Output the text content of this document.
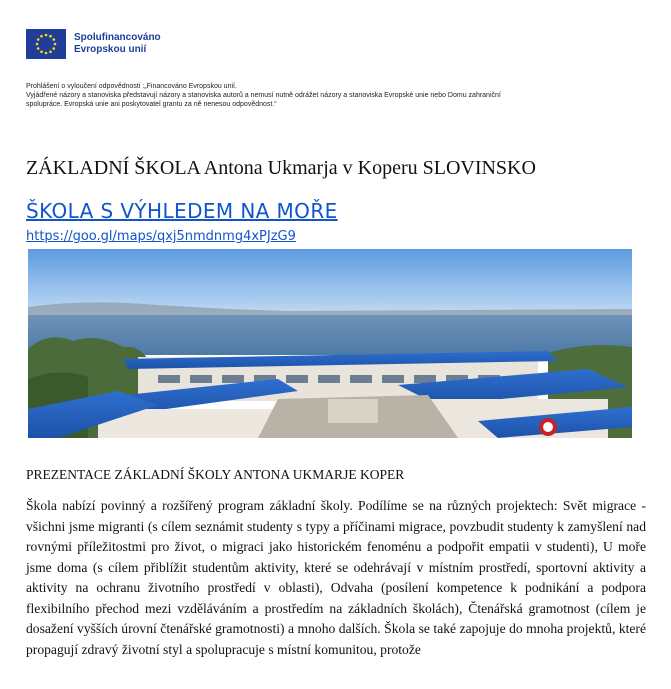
Spolufinancováno
Evropskou unií
Prohlášení o vyloučení odpovědnosti :„Financováno Evropskou unií.
Vyjádřené názory a stanoviska představují názory a stanoviska autorů a nemusí nutně odrážet názory a stanoviska Evropské unie nebo Domu zahraniční
spolupráce. Evropská unie ani poskytovatel grantu za ně nenesou odpovědnost.“
ZÁKLADNÍ ŠKOLA Antona Ukmarja v Koperu SLOVINSKO
ŠKOLA S VÝHLEDEM NA MOŘE
https://goo.gl/maps/qxj5nmdnmg4xPJzG9
PREZENTACE ZÁKLADNÍ ŠKOLY ANTONA UKMARJE KOPER

Škola nabízí povinný a rozšířený program základní školy. Podílíme se na různých projektech: Svět migrace - všichni jsme migranti (s cílem seznámit studenty s typy a příčinami migrace, povzbudit studenty k zamyšlení nad rovnými příležitostmi pro život, o migraci jako historickém fenoménu a podpořit empatii v studenti), U moře jsme doma (s cílem přiblížit studentům aktivity, které se odehrávají v místním prostředí, sportovní aktivity a aktivity na ochranu životního prostředí v oblasti), Odvaha (posílení kompetence k podnikání a podpora flexibilního přechod mezi vzděláváním a prostředím na základních školách), Čtenářská gramotnost (cílem je dosažení vyšších úrovní čtenářské gramotnosti) a mnoho dalších. Škola se také zapojuje do mnoha projektů, které propagují zdravý životní styl a spolupracuje s místní komunitou, protože
